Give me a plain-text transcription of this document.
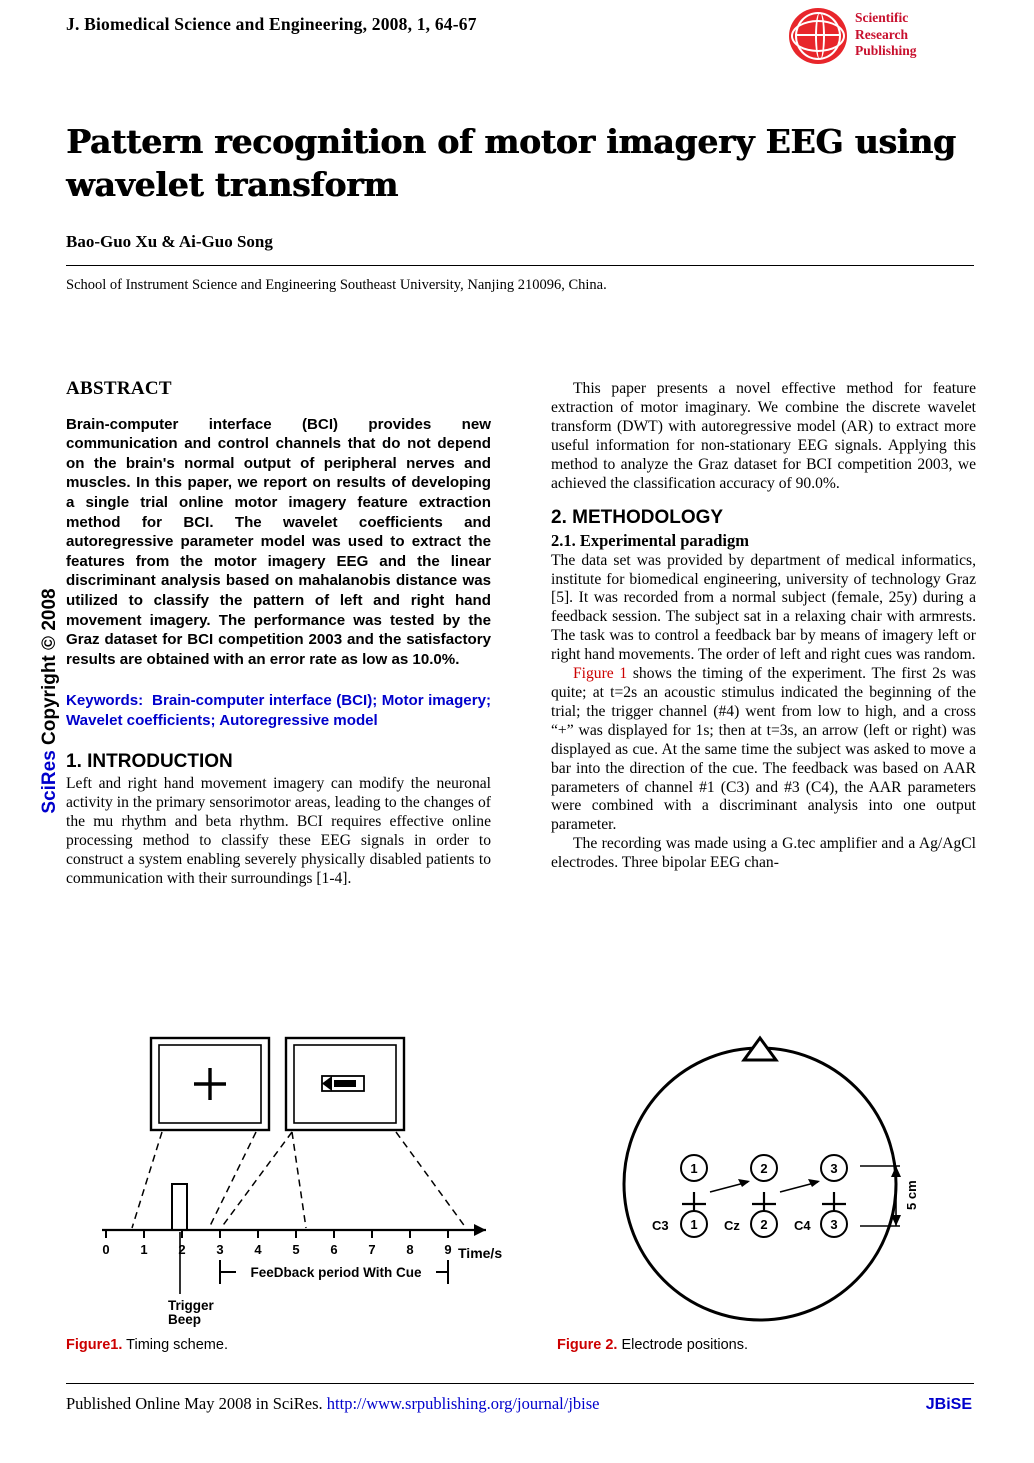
J. Biomedical Science and Engineering, 2008, 1, 64-67	Scientific
Research
Publishing
Pattern recognition of motor imagery EEG using wavelet transform
Bao-Guo Xu & Ai-Guo Song
School of Instrument Science and Engineering Southeast University, Nanjing 210096, China.
SciRes Copyright © 2008
ABSTRACT

Brain-computer interface (BCI) provides new communication and control channels that do not depend on the brain's normal output of peripheral nerves and muscles. In this paper, we report on results of developing a single trial online motor imagery feature extraction method for BCI. The wavelet coefficients and autoregressive parameter model was used to extract the features from the motor imagery EEG and the linear discriminant analysis based on mahalanobis distance was utilized to classify the pattern of left and right hand movement imagery. The performance was tested by the Graz dataset for BCI competition 2003 and the satisfactory results are obtained with an error rate as low as 10.0%.

Keywords: Brain-computer interface (BCI); Motor imagery; Wavelet coefficients; Autoregressive model

1. INTRODUCTION

Left and right hand movement imagery can modify the neuronal activity in the primary sensorimotor areas, leading to the changes of the mu rhythm and beta rhythm. BCI requires effective online processing method to classify these EEG signals in order to construct a system enabling severely physically disabled patients to communication with their surroundings [1-4].

This paper presents a novel effective method for feature extraction of motor imaginary. We combine the discrete wavelet transform (DWT) with autoregressive model (AR) to extract more useful information for non-stationary EEG signals. Applying this method to analyze the Graz dataset for BCI competition 2003, we achieved the classification accuracy of 90.0%.

2. METHODOLOGY
2.1. Experimental paradigm

The data set was provided by department of medical informatics, institute for biomedical engineering, university of technology Graz [5]. It was recorded from a normal subject (female, 25y) during a feedback session. The subject sat in a relaxing chair with armrests. The task was to control a feedback bar by means of imagery left or right hand movements. The order of left and right cues was random.

Figure 1 shows the timing of the experiment. The first 2s was quite; at t=2s an acoustic stimulus indicated the beginning of the trial; the trigger channel (#4) went from low to high, and a cross “+” was displayed for 1s; then at t=3s, an arrow (left or right) was displayed as cue. At the same time the subject was asked to move a bar into the direction of the cue. The feedback was based on AAR parameters of channel #1 (C3) and #3 (C4), the AAR parameters were combined with a discriminant analysis into one output parameter.

The recording was made using a G.tec amplifier and a Ag/AgCl electrodes. Three bipolar EEG chan-

0 1 2 3 4 5 6 7 8 9 Time/s
FeeDback period With Cue
Trigger
Beep
1	2	3
1	2	3
C3	Cz	C4
5 cm
Figure1. Timing scheme.	Figure 2. Electrode positions.
Published Online May 2008 in SciRes. http://www.srpublishing.org/journal/jbise	JBiSE
